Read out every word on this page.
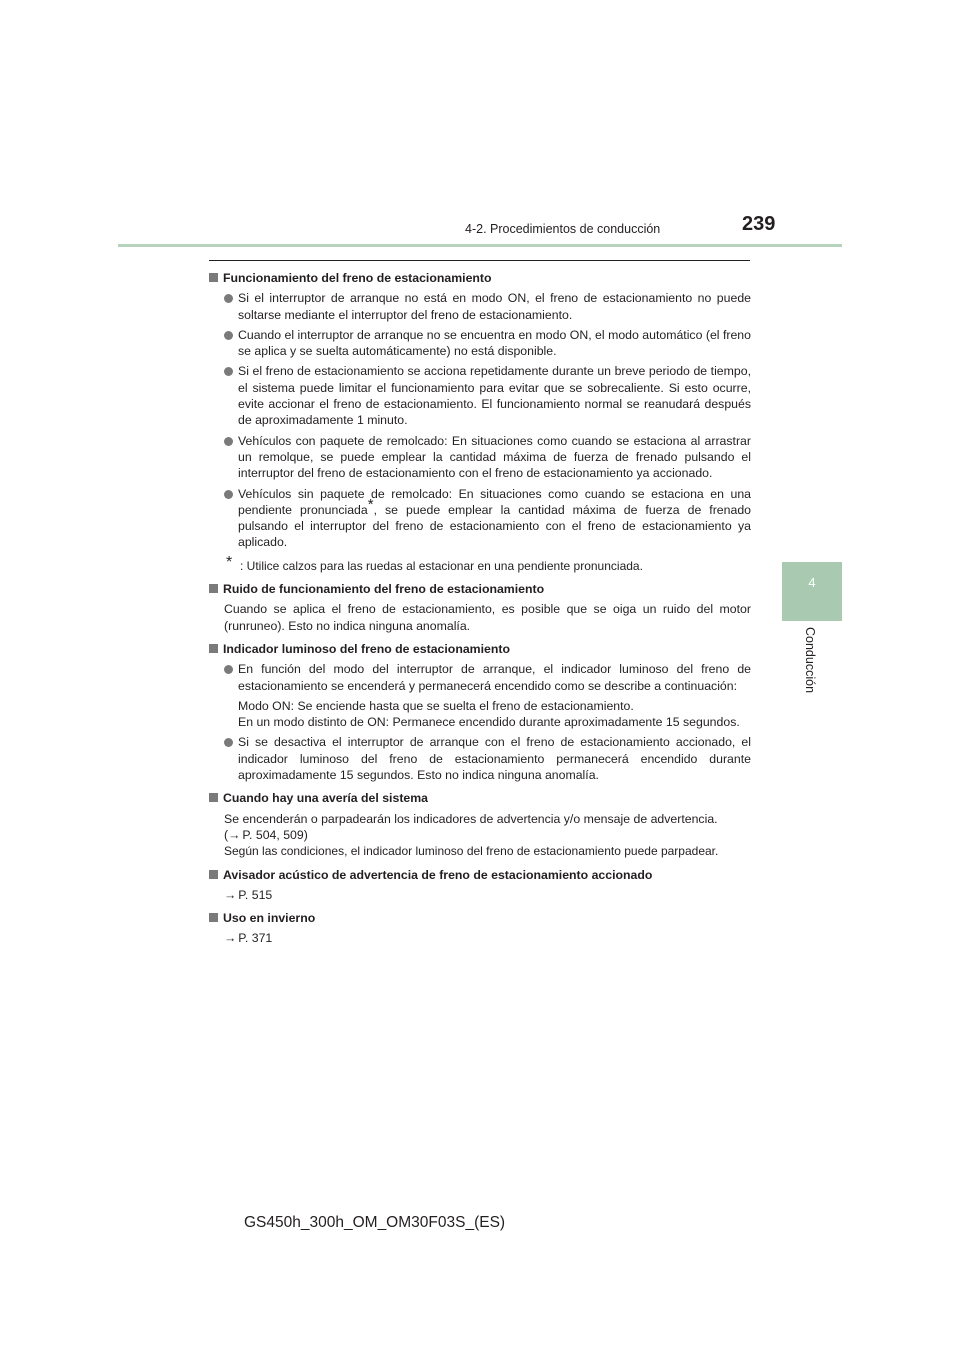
4-2. Procedimientos de conducción	239
4
Conducción
Funcionamiento del freno de estacionamiento
Si el interruptor de arranque no está en modo ON, el freno de estacionamiento no puede soltarse mediante el interruptor del freno de estacionamiento.
Cuando el interruptor de arranque no se encuentra en modo ON, el modo automático (el freno se aplica y se suelta automáticamente) no está disponible.
Si el freno de estacionamiento se acciona repetidamente durante un breve periodo de tiempo, el sistema puede limitar el funcionamiento para evitar que se sobrecaliente. Si esto ocurre, evite accionar el freno de estacionamiento. El funcionamiento normal se reanudará después de aproximadamente 1 minuto.
Vehículos con paquete de remolcado: En situaciones como cuando se estaciona al arrastrar un remolque, se puede emplear la cantidad máxima de fuerza de frenado pulsando el interruptor del freno de estacionamiento con el freno de estacionamiento ya accionado.
Vehículos sin paquete de remolcado: En situaciones como cuando se estaciona en una pendiente pronunciada*, se puede emplear la cantidad máxima de fuerza de frenado pulsando el interruptor del freno de estacionamiento con el freno de estacionamiento ya aplicado.
* : Utilice calzos para las ruedas al estacionar en una pendiente pronunciada.
Ruido de funcionamiento del freno de estacionamiento
Cuando se aplica el freno de estacionamiento, es posible que se oiga un ruido del motor (runruneo). Esto no indica ninguna anomalía.
Indicador luminoso del freno de estacionamiento
En función del modo del interruptor de arranque, el indicador luminoso del freno de estacionamiento se encenderá y permanecerá encendido como se describe a continuación:
Modo ON: Se enciende hasta que se suelta el freno de estacionamiento.
En un modo distinto de ON: Permanece encendido durante aproximadamente 15 segundos.
Si se desactiva el interruptor de arranque con el freno de estacionamiento accionado, el indicador luminoso del freno de estacionamiento permanecerá encendido durante aproximadamente 15 segundos. Esto no indica ninguna anomalía.
Cuando hay una avería del sistema
Se encenderán o parpadearán los indicadores de advertencia y/o mensaje de advertencia.
(→ P. 504, 509)
Según las condiciones, el indicador luminoso del freno de estacionamiento puede parpadear.
Avisador acústico de advertencia de freno de estacionamiento accionado
→ P. 515
Uso en invierno
→ P. 371
GS450h_300h_OM_OM30F03S_(ES)
